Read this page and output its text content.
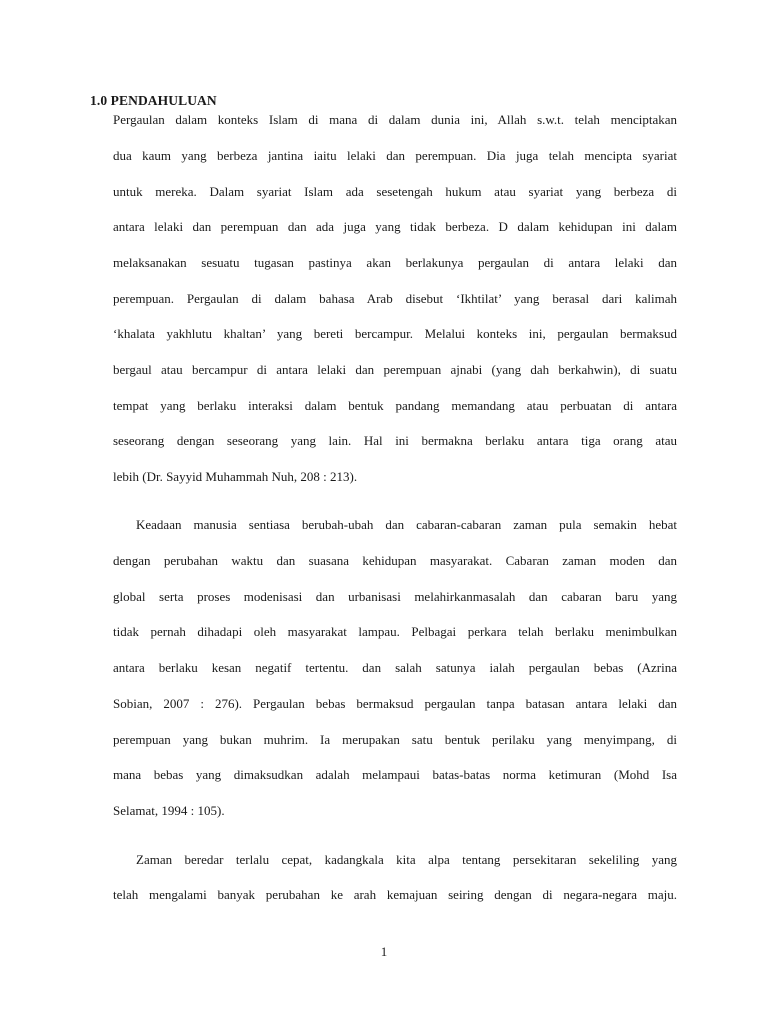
1.0 PENDAHULUAN
Pergaulan dalam konteks Islam di mana di dalam dunia ini, Allah s.w.t. telah menciptakan
dua kaum yang berbeza jantina iaitu lelaki dan perempuan. Dia juga telah mencipta syariat
untuk mereka. Dalam syariat Islam ada sesetengah hukum atau syariat yang berbeza di
antara lelaki dan perempuan dan ada juga yang tidak berbeza. D dalam kehidupan ini dalam
melaksanakan sesuatu tugasan pastinya akan berlakunya pergaulan di antara lelaki dan
perempuan. Pergaulan di dalam bahasa Arab disebut ‘Ikhtilat’ yang berasal dari kalimah
‘khalata yakhlutu khaltan’ yang bereti bercampur. Melalui konteks ini, pergaulan bermaksud
bergaul atau bercampur di antara lelaki dan perempuan ajnabi (yang dah berkahwin), di suatu
tempat yang berlaku interaksi dalam bentuk pandang memandang atau perbuatan di antara
seseorang dengan seseorang yang lain. Hal ini bermakna berlaku antara tiga orang atau
lebih (Dr. Sayyid Muhammah Nuh, 208 : 213).
Keadaan manusia sentiasa berubah-ubah dan cabaran-cabaran zaman pula semakin hebat
dengan perubahan waktu dan suasana kehidupan masyarakat. Cabaran zaman moden dan
global serta proses modenisasi dan urbanisasi melahirkanmasalah dan cabaran baru yang
tidak pernah dihadapi oleh masyarakat lampau. Pelbagai perkara telah berlaku menimbulkan
antara berlaku kesan negatif tertentu. dan salah satunya ialah pergaulan bebas (Azrina
Sobian, 2007 : 276). Pergaulan bebas bermaksud pergaulan tanpa batasan antara lelaki dan
perempuan yang bukan muhrim. Ia merupakan satu bentuk perilaku yang menyimpang, di
mana bebas yang dimaksudkan adalah melampaui batas-batas norma ketimuran (Mohd Isa
Selamat, 1994 : 105).
Zaman beredar terlalu cepat, kadangkala kita alpa tentang persekitaran sekeliling yang
telah mengalami banyak perubahan ke arah kemajuan seiring dengan di negara-negara maju.
1
